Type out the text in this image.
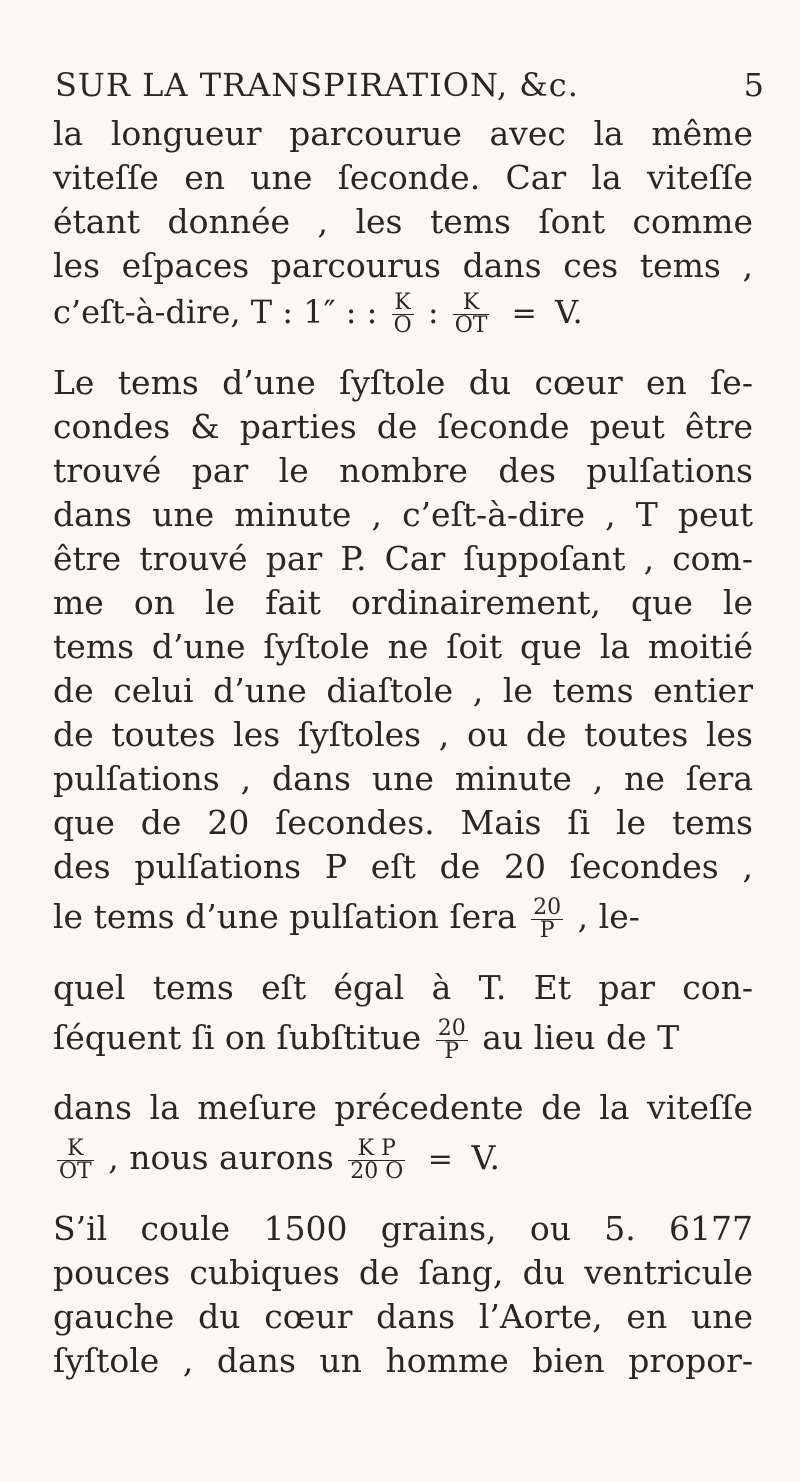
SUR LA TRANSPIRATION, &c.	5
la longueur parcourue avec la même
viteſſe en une ſeconde. Car la viteſſe
étant donnée , les tems ſont comme
les eſpaces parcourus dans ces tems ,
c’eſt-à-dire, T : 1″ : : $\frac{K}{O}$ : $\frac{K}{OT} = V$.
Le tems d’une ſyſtole du cœur en ſe-
condes & parties de ſeconde peut être
trouvé par le nombre des pulſations
dans une minute , c’eſt-à-dire , T peut
être trouvé par P. Car ſuppoſant , com-
me on le fait ordinairement, que le
tems d’une ſyſtole ne ſoit que la moitié
de celui d’une diaſtole , le tems entier
de toutes les ſyſtoles , ou de toutes les
pulſations , dans une minute , ne ſera
que de 20 ſecondes. Mais ſi le tems
des pulſations P eſt de 20 ſecondes ,
le tems d’une pulſation ſera $\frac{20}{P}$ , le-
quel tems eſt égal à T. Et par con-
ſéquent ſi on ſubſtitue $\frac{20}{P}$ au lieu de T
dans la meſure précedente de la viteſſe
$\frac{K}{OT}$ , nous aurons $\frac{\text{K P}}{20 O} = V$.
S’il coule 1500 grains, ou 5. 6177
pouces cubiques de ſang, du ventricule
gauche du cœur dans l’Aorte, en une
ſyſtole , dans un homme bien propor-
